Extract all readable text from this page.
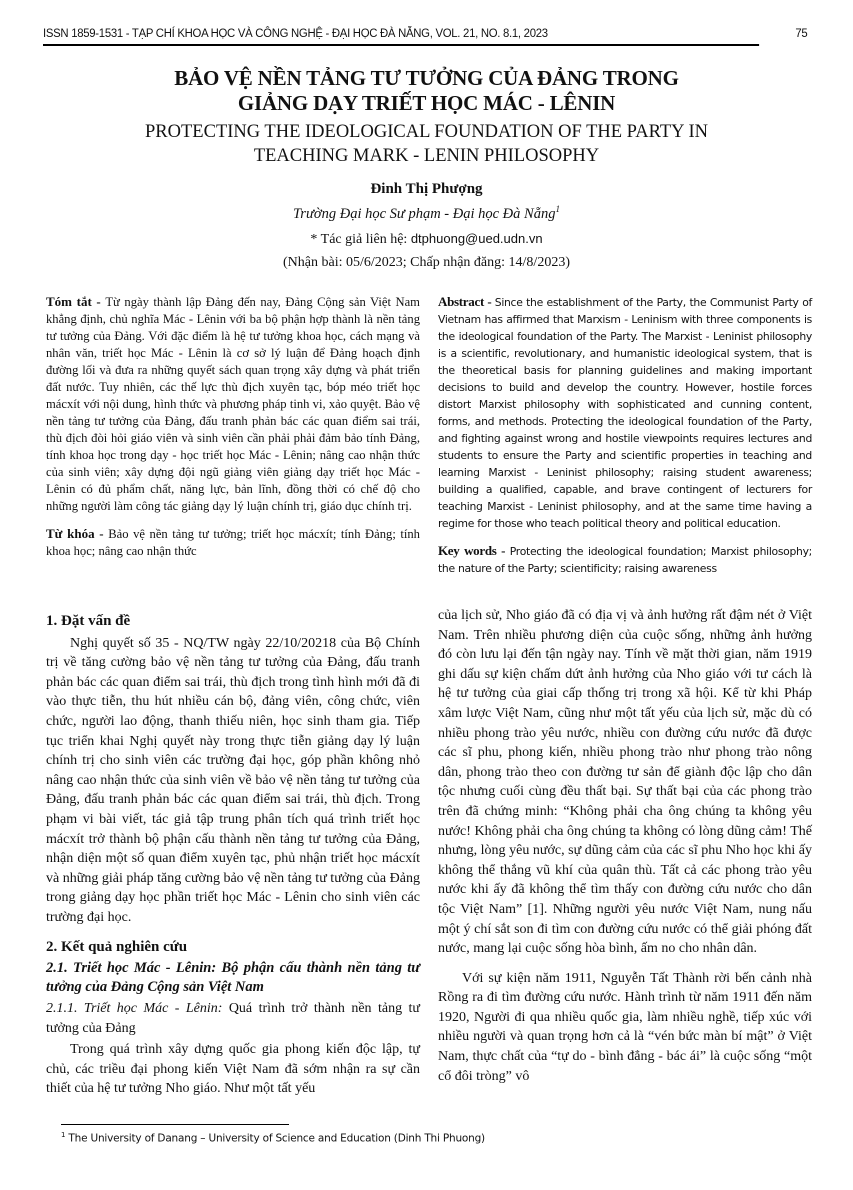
ISSN 1859-1531 - TẠP CHÍ KHOA HỌC VÀ CÔNG NGHỆ - ĐẠI HỌC ĐÀ NẴNG, VOL. 21, NO. 8.1, 2023	75
BẢO VỆ NỀN TẢNG TƯ TƯỞNG CỦA ĐẢNG TRONG
GIẢNG DẠY TRIẾT HỌC MÁC - LÊNIN
PROTECTING THE IDEOLOGICAL FOUNDATION OF THE PARTY IN
TEACHING MARK - LENIN PHILOSOPHY
Đinh Thị Phượng
Trường Đại học Sư phạm - Đại học Đà Nẵng$^1$
* Tác giả liên hệ: dtphuong@ued.udn.vn
(Nhận bài: 05/6/2023; Chấp nhận đăng: 14/8/2023)
Tóm tắt - Từ ngày thành lập Đảng đến nay, Đảng Cộng sản Việt Nam khẳng định, chủ nghĩa Mác - Lênin với ba bộ phận hợp thành là nền tảng tư tưởng của Đảng. Với đặc điểm là hệ tư tưởng khoa học, cách mạng và nhân văn, triết học Mác - Lênin là cơ sở lý luận để Đảng hoạch định đường lối và đưa ra những quyết sách quan trọng xây dựng và phát triển đất nước. Tuy nhiên, các thế lực thù địch xuyên tạc, bóp méo triết học mácxít với nội dung, hình thức và phương pháp tinh vi, xảo quyệt. Bảo vệ nền tảng tư tưởng của Đảng, đấu tranh phản bác các quan điểm sai trái, thù địch đòi hỏi giáo viên và sinh viên cần phải phải đảm bảo tính Đảng, tính khoa học trong dạy - học triết học Mác - Lênin; nâng cao nhận thức của sinh viên; xây dựng đội ngũ giảng viên giảng dạy triết học Mác - Lênin có đủ phẩm chất, năng lực, bản lĩnh, đồng thời có chế độ cho những người làm công tác giảng dạy lý luận chính trị, giáo dục chính trị.
Từ khóa - Bảo vệ nền tảng tư tưởng; triết học mácxít; tính Đảng; tính khoa học; nâng cao nhận thức
Abstract - Since the establishment of the Party, the Communist Party of Vietnam has affirmed that Marxism - Leninism with three components is the ideological foundation of the Party. The Marxist - Leninist philosophy is a scientific, revolutionary, and humanistic ideological system, that is the theoretical basis for planning guidelines and making important decisions to build and develop the country. However, hostile forces distort Marxist philosophy with sophisticated and cunning content, forms, and methods. Protecting the ideological foundation of the Party, and fighting against wrong and hostile viewpoints requires lectures and students to ensure the Party and scientific properties in teaching and learning Marxist - Leninist philosophy; raising student awareness; building a qualified, capable, and brave contingent of lecturers for teaching Marxist - Leninist philosophy, and at the same time having a regime for those who teach political theory and political education.
Key words - Protecting the ideological foundation; Marxist philosophy; the nature of the Party; scientificity; raising awareness
1. Đặt vấn đề

Nghị quyết số 35 - NQ/TW ngày 22/10/20218 của Bộ Chính trị về tăng cường bảo vệ nền tảng tư tưởng của Đảng, đấu tranh phản bác các quan điểm sai trái, thù địch trong tình hình mới đã đi vào thực tiễn, thu hút nhiều cán bộ, đảng viên, công chức, viên chức, người lao động, thanh thiếu niên, học sinh tham gia. Tiếp tục triển khai Nghị quyết này trong thực tiễn giảng dạy lý luận chính trị cho sinh viên các trường đại học, góp phần không nhỏ nâng cao nhận thức của sinh viên về bảo vệ nền tảng tư tưởng của Đảng, đấu tranh phản bác các quan điểm sai trái, thù địch. Trong phạm vi bài viết, tác giả tập trung phân tích quá trình triết học mácxít trở thành bộ phận cấu thành nền tảng tư tưởng của Đảng, nhận diện một số quan điểm xuyên tạc, phủ nhận triết học mácxít và những giải pháp tăng cường bảo vệ nền tảng tư tưởng của Đảng trong giảng dạy học phần triết học Mác - Lênin cho sinh viên các trường đại học.

2. Kết quả nghiên cứu
2.1. Triết học Mác - Lênin: Bộ phận cấu thành nền tảng tư tưởng của Đảng Cộng sản Việt Nam
2.1.1. Triết học Mác - Lênin: Quá trình trở thành nền tảng tư tưởng của Đảng

Trong quá trình xây dựng quốc gia phong kiến độc lập, tự chủ, các triều đại phong kiến Việt Nam đã sớm nhận ra sự cần thiết của hệ tư tưởng Nho giáo. Như một tất yếu

của lịch sử, Nho giáo đã có địa vị và ảnh hưởng rất đậm nét ở Việt Nam. Trên nhiều phương diện của cuộc sống, những ảnh hưởng đó còn lưu lại đến tận ngày nay. Tính về mặt thời gian, năm 1919 ghi dấu sự kiện chấm dứt ảnh hưởng của Nho giáo với tư cách là hệ tư tưởng của giai cấp thống trị trong xã hội. Kể từ khi Pháp xâm lược Việt Nam, cũng như một tất yếu của lịch sử, mặc dù có nhiều phong trào yêu nước, nhiều con đường cứu nước đã được các sĩ phu, phong kiến, nhiều phong trào như phong trào nông dân, phong trào theo con đường tư sản để giành độc lập cho dân tộc nhưng cuối cùng đều thất bại. Sự thất bại của các phong trào trên đã chứng minh: “Không phải cha ông chúng ta không yêu nước! Không phải cha ông chúng ta không có lòng dũng cảm! Thế nhưng, lòng yêu nước, sự dũng cảm của các sĩ phu Nho học khi ấy không thể thắng vũ khí của quân thù. Tất cả các phong trào yêu nước khi ấy đã không thể tìm thấy con đường cứu nước cho dân tộc Việt Nam” [1]. Những người yêu nước Việt Nam, nung nấu một ý chí sắt son đi tìm con đường cứu nước có thể giải phóng đất nước, mang lại cuộc sống hòa bình, ấm no cho nhân dân.

Với sự kiện năm 1911, Nguyễn Tất Thành rời bến cảnh nhà Rồng ra đi tìm đường cứu nước. Hành trình từ năm 1911 đến năm 1920, Người đi qua nhiều quốc gia, làm nhiều nghề, tiếp xúc với nhiều người và quan trọng hơn cả là “vén bức màn bí mật” ở Việt Nam, thực chất của “tự do - bình đẳng - bác ái” là cuộc sống “một cổ đôi tròng” vô

$^1$ The University of Danang – University of Science and Education (Dinh Thi Phuong)
